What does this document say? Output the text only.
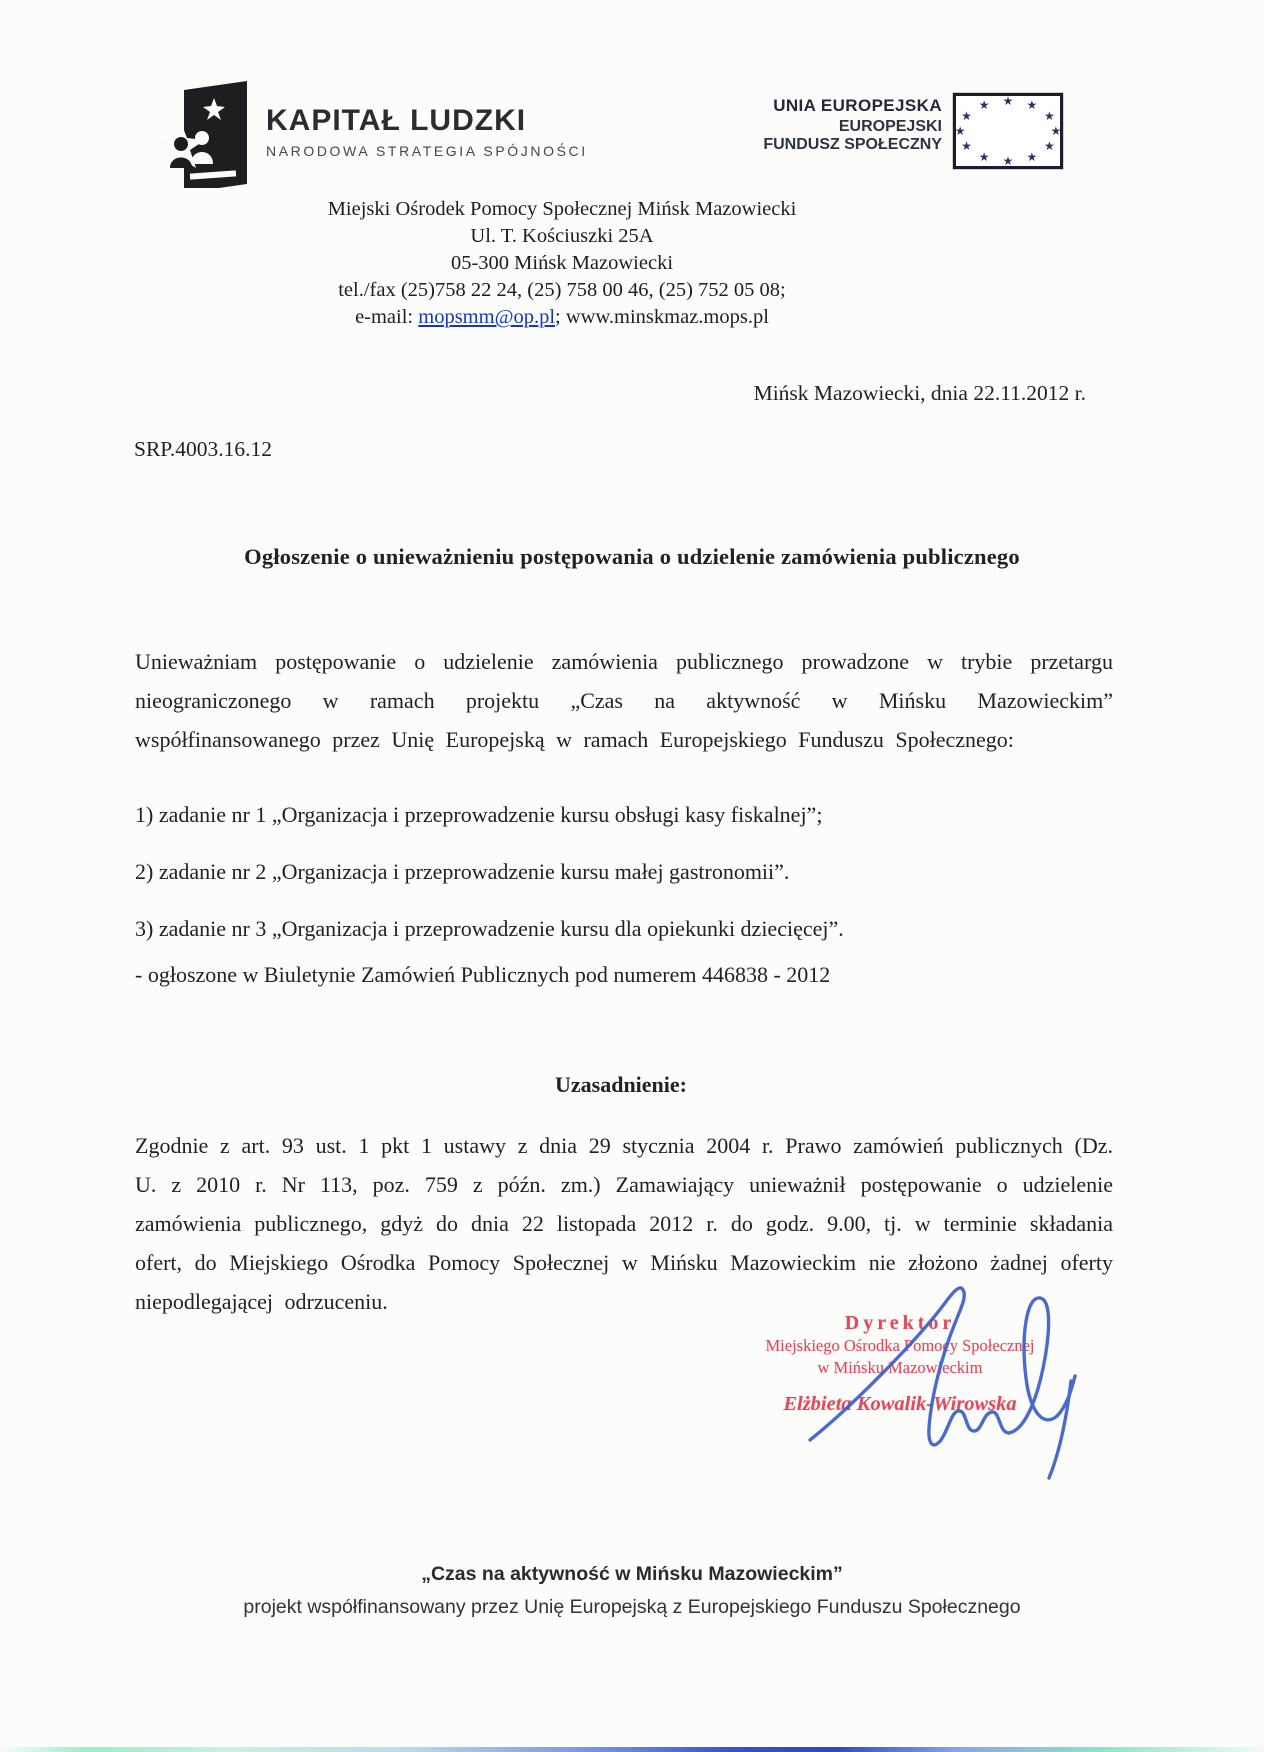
KAPITAŁ LUDZKI
NARODOWA STRATEGIA SPÓJNOŚCI
UNIA EUROPEJSKA
EUROPEJSKI
FUNDUSZ SPOŁECZNY
★ ★
★
★
★
★
★
★
★
★
★
★
Miejski Ośrodek Pomocy Społecznej Mińsk Mazowiecki
Ul. T. Kościuszki 25A
05-300 Mińsk Mazowiecki
tel./fax (25)758 22 24, (25) 758 00 46, (25) 752 05 08;
e-mail: mopsmm@op.pl; www.minskmaz.mops.pl
Mińsk Mazowiecki, dnia 22.11.2012 r.
SRP.4003.16.12
Ogłoszenie o unieważnieniu postępowania o udzielenie zamówienia publicznego
Unieważniam postępowanie o udzielenie zamówienia publicznego prowadzone w trybie przetargu nieograniczonego w ramach projektu „Czas na aktywność w Mińsku Mazowieckim” współfinansowanego przez Unię Europejską w ramach Europejskiego Funduszu Społecznego:

1) zadanie nr 1 „Organizacja i przeprowadzenie kursu obsługi kasy fiskalnej”;

2) zadanie nr 2 „Organizacja i przeprowadzenie kursu małej gastronomii”.

3) zadanie nr 3 „Organizacja i przeprowadzenie kursu dla opiekunki dziecięcej”.

- ogłoszone w Biuletynie Zamówień Publicznych pod numerem 446838 - 2012
Uzasadnienie:
Zgodnie z art. 93 ust. 1 pkt 1 ustawy z dnia 29 stycznia 2004 r. Prawo zamówień publicznych (Dz. U. z 2010 r. Nr 113, poz. 759 z późn. zm.) Zamawiający unieważnił postępowanie o udzielenie zamówienia publicznego, gdyż do dnia 22 listopada 2012 r. do godz. 9.00, tj. w terminie składania ofert, do Miejskiego Ośrodka Pomocy Społecznej w Mińsku Mazowieckim nie złożono żadnej oferty niepodlegającej odrzuceniu.
Dyrektor
Miejskiego Ośrodka Pomocy Społecznej
w Mińsku Mazowieckim
Elżbieta Kowalik-Wirowska
„Czas na aktywność w Mińsku Mazowieckim”
projekt współfinansowany przez Unię Europejską z Europejskiego Funduszu Społecznego
